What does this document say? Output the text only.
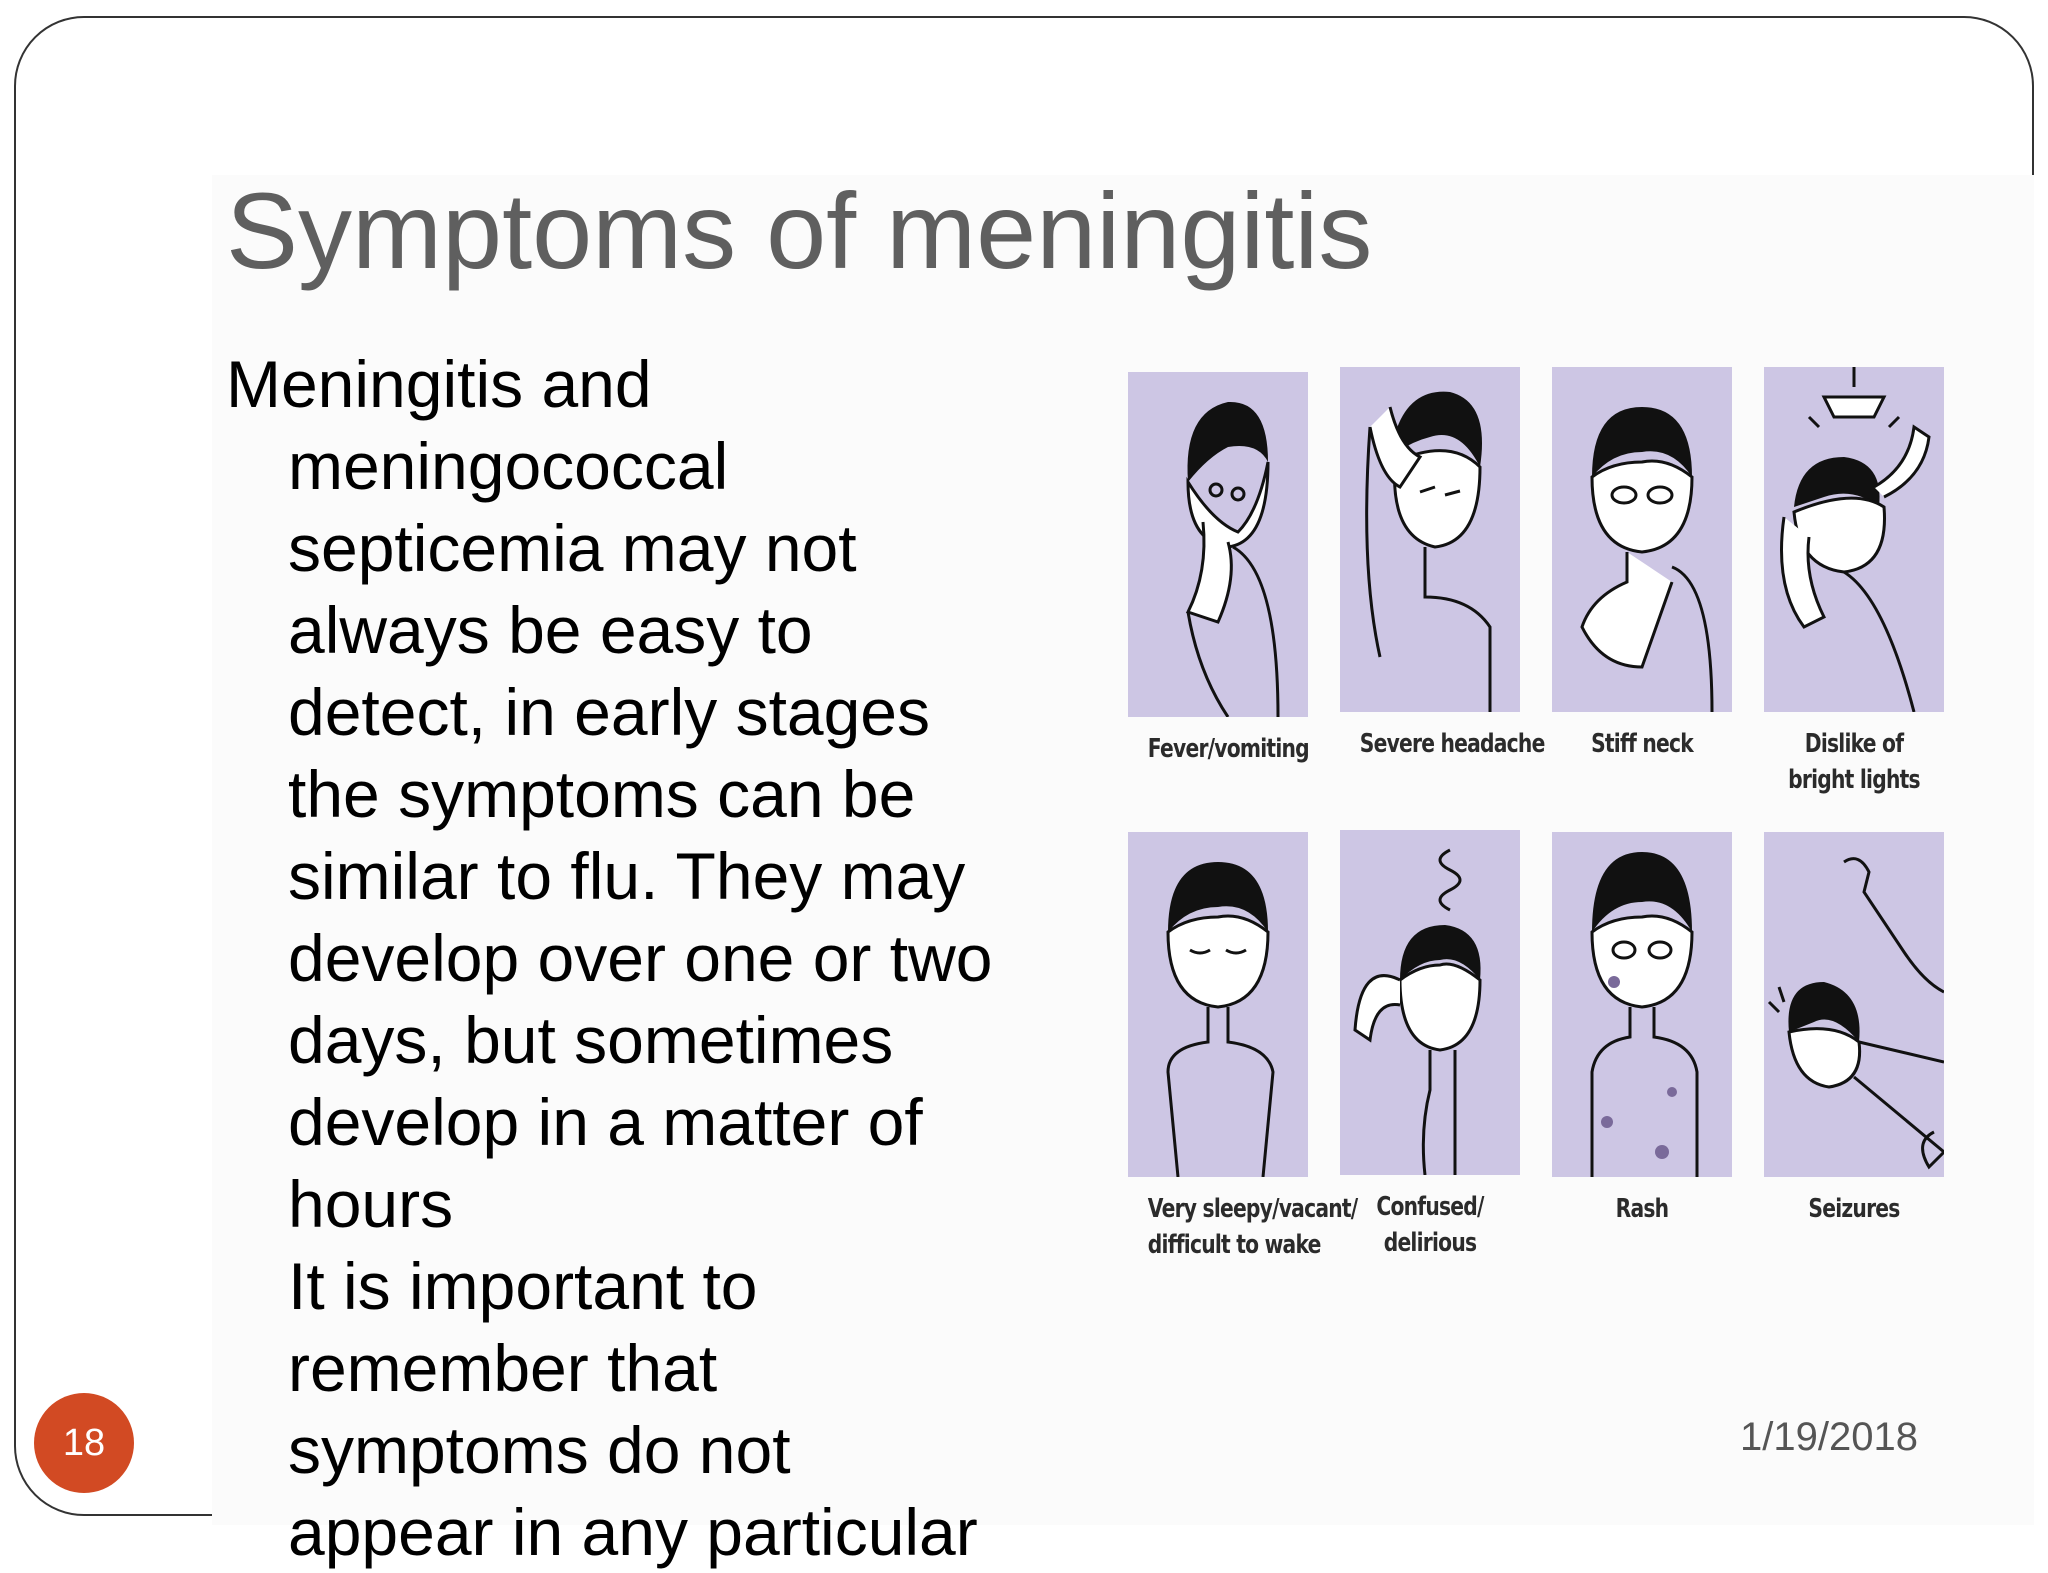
Symptoms of meningitis

Meningitis and

meningococcal

septicemia may not

always be easy to

detect, in early stages

the symptoms can be

similar to flu. They may

develop over one or two

days, but sometimes

develop in a matter of

hours

It is important to

remember that

symptoms do not

appear in any particular

Fever/vomiting Severe headache	Stiff neck	Dislike of
bright lights
Very sleepy/vacant/
difficult to wake
Confused/
delirious
Rash	Seizures
18	1/19/2018
